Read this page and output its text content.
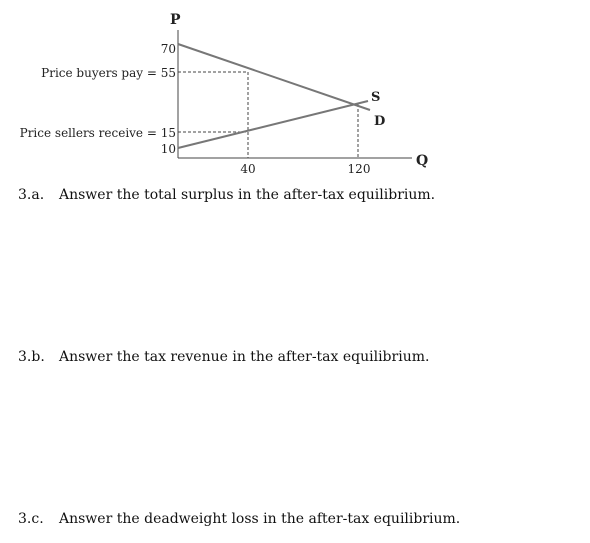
P
Q
S
D
70
Price buyers pay = 55
Price sellers receive = 15
10
40	120
3.a. Answer the total surplus in the after-tax equilibrium.
3.b. Answer the tax revenue in the after-tax equilibrium.
3.c. Answer the deadweight loss in the after-tax equilibrium.
